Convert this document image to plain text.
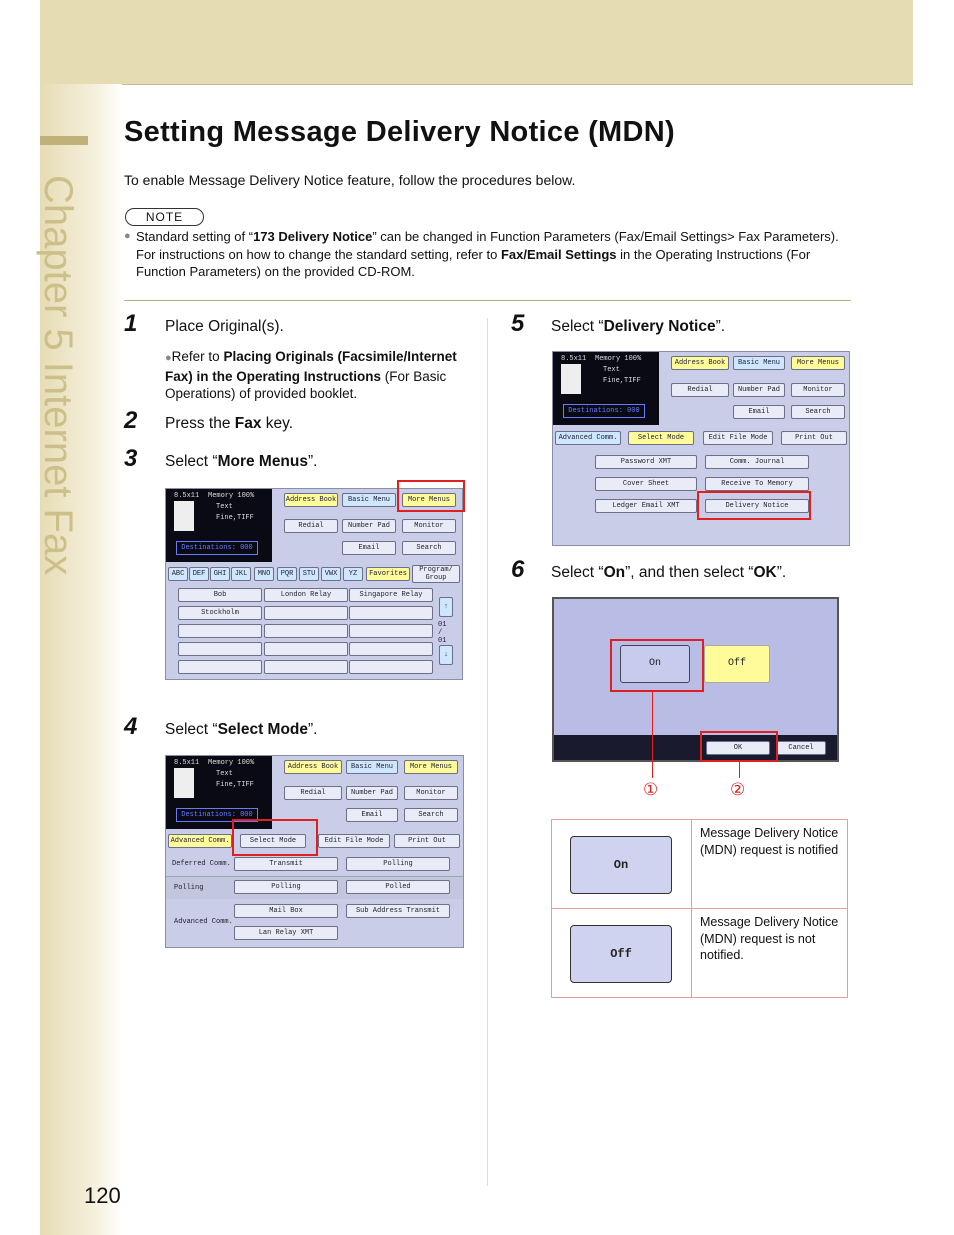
Chapter 5 Internet Fax
Setting Message Delivery Notice (MDN)
To enable Message Delivery Notice feature, follow the procedures below.
NOTE
● Standard setting of “173 Delivery Notice” can be changed in Function Parameters (Fax/Email Settings> Fax Parameters). For instructions on how to change the standard setting, refer to Fax/Email Settings in the Operating Instructions (For Function Parameters) on the provided CD-ROM.
1 Place Original(s).
●Refer to Placing Originals (Facsimile/Internet Fax) in the Operating Instructions (For Basic Operations) of provided booklet.
2 Press the Fax key.
3 Select “More Menus”.
8.5x11 Memory 100%
Text
Fine,TIFF
Destinations: 000
Address Book	Basic Menu	More Menus
Redial	Number Pad	Monitor
Email	Search
ABC	DEF	GHI	JKL	MNO	PQR	STU	VWX	YZ	Favorites	Program/ Group
Bob	London Relay	Singapore Relay
Stockholm
↑
01 / 01
↓
4 Select “Select Mode”.
8.5x11 Memory 100%
Text
Fine,TIFF
Destinations: 000
Address Book	Basic Menu	More Menus
Redial	Number Pad	Monitor
Email	Search
Advanced Comm.	Select Mode	Edit File Mode	Print Out
Deferred Comm.	Transmit	Polling
Polling	Polling	Polled
Advanced Comm.
Mail Box	Sub Address Transmit
Lan Relay XMT
5 Select “Delivery Notice”.
8.5x11 Memory 100%
Text
Fine,TIFF
Destinations: 000
Address Book	Basic Menu	More Menus
Redial	Number Pad	Monitor
Email	Search
Advanced Comm.	Select Mode	Edit File Mode	Print Out
Password XMT	Comm. Journal
Cover Sheet	Receive To Memory
Ledger Email XMT	Delivery Notice
6 Select “On”, and then select “OK”.
On	Off
OK	Cancel
①	②
On	Message Delivery Notice (MDN) request is notified

Off	Message Delivery Notice (MDN) request is not notified.
120
